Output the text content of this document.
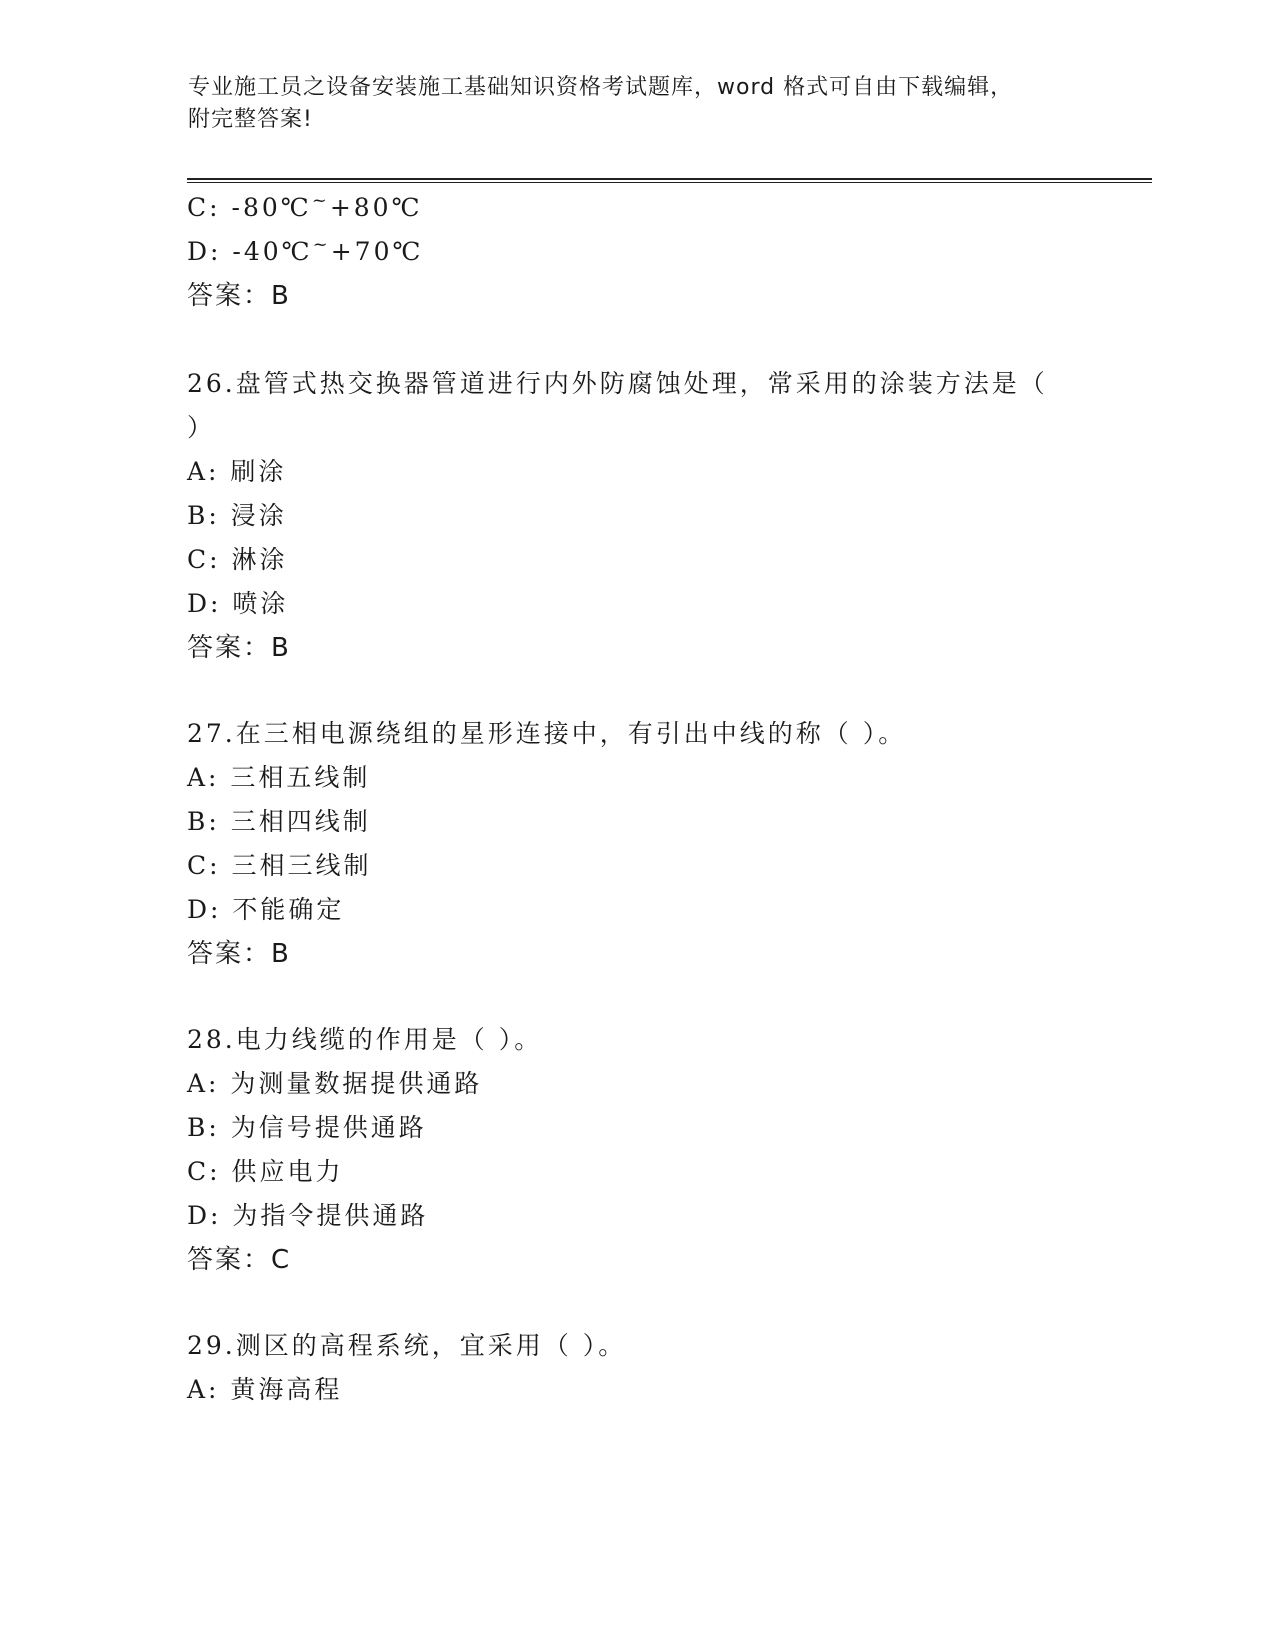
专业施工员之设备安装施工基础知识资格考试题库，word 格式可自由下载编辑，
附完整答案!
C: -80℃~+80℃
D: -40℃~+70℃
答案：B
26.盘管式热交换器管道进行内外防腐蚀处理，常采用的涂装方法是（
）
A: 刷涂
B: 浸涂
C: 淋涂
D: 喷涂
答案：B
27.在三相电源绕组的星形连接中，有引出中线的称（ ）。
A: 三相五线制
B: 三相四线制
C: 三相三线制
D: 不能确定
答案：B
28.电力线缆的作用是（ ）。
A: 为测量数据提供通路
B: 为信号提供通路
C: 供应电力
D: 为指令提供通路
答案：C
29.测区的高程系统，宜采用（ ）。
A: 黄海高程
